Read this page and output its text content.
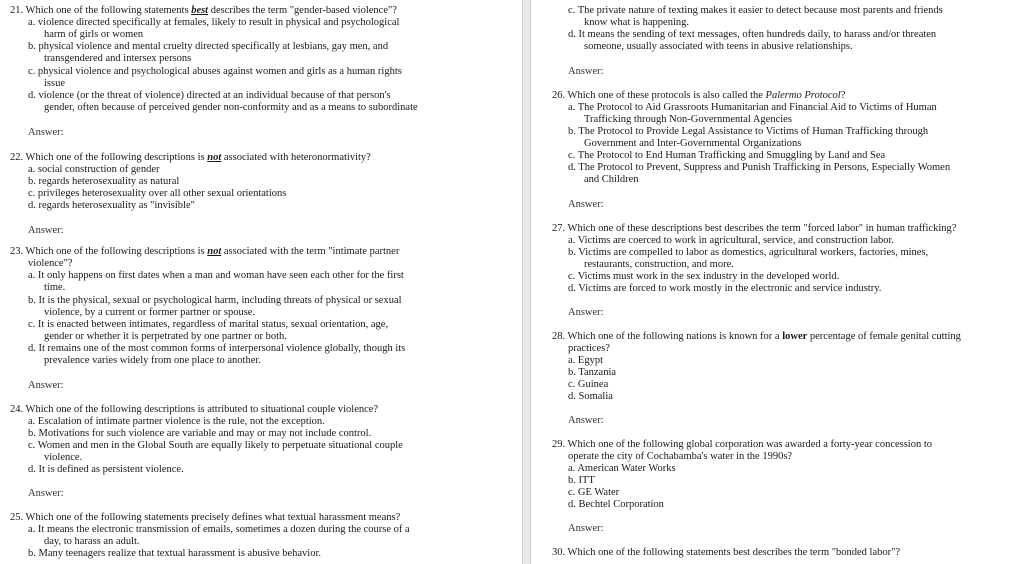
21. Which one of the following statements best describes the term "gender-based violence"?
a. violence directed specifically at females, likely to result in physical and psychological
harm of girls or women
b. physical violence and mental cruelty directed specifically at lesbians, gay men, and
transgendered and intersex persons
c. physical violence and psychological abuses against women and girls as a human rights
issue
d. violence (or the threat of violence) directed at an individual because of that person's
gender, often because of perceived gender non-conformity and as a means to subordinate
Answer:
22. Which one of the following descriptions is not associated with heteronormativity?
a. social construction of gender
b. regards heterosexuality as natural
c. privileges heterosexuality over all other sexual orientations
d. regards heterosexuality as "invisible"
Answer:
23. Which one of the following descriptions is not associated with the term "intimate partner
violence"?
a. It only happens on first dates when a man and woman have seen each other for the first
time.
b. It is the physical, sexual or psychological harm, including threats of physical or sexual
violence, by a current or former partner or spouse.
c. It is enacted between intimates, regardless of marital status, sexual orientation, age,
gender or whether it is perpetrated by one partner or both.
d. It remains one of the most common forms of interpersonal violence globally, though its
prevalence varies widely from one place to another.
Answer:
24. Which one of the following descriptions is attributed to situational couple violence?
a. Escalation of intimate partner violence is the rule, not the exception.
b. Motivations for such violence are variable and may or may not include control.
c. Women and men in the Global South are equally likely to perpetuate situational couple
violence.
d. It is defined as persistent violence.
Answer:
25. Which one of the following statements precisely defines what textual harassment means?
a. It means the electronic transmission of emails, sometimes a dozen during the course of a
day, to harass an adult.
b. Many teenagers realize that textual harassment is abusive behavior.
c. The private nature of texting makes it easier to detect because most parents and friends
know what is happening.
d. It means the sending of text messages, often hundreds daily, to harass and/or threaten
someone, usually associated with teens in abusive relationships.
Answer:
26. Which one of these protocols is also called the Palermo Protocol?
a. The Protocol to Aid Grassroots Humanitarian and Financial Aid to Victims of Human
Trafficking through Non-Governmental Agencies
b. The Protocol to Provide Legal Assistance to Victims of Human Trafficking through
Government and Inter-Governmental Organizations
c. The Protocol to End Human Trafficking and Smuggling by Land and Sea
d. The Protocol to Prevent, Suppress and Punish Trafficking in Persons, Especially Women
and Children
Answer:
27. Which one of these descriptions best describes the term "forced labor" in human trafficking?
a. Victims are coerced to work in agricultural, service, and construction labor.
b. Victims are compelled to labor as domestics, agricultural workers, factories, mines,
restaurants, construction, and more.
c. Victims must work in the sex industry in the developed world.
d. Victims are forced to work mostly in the electronic and service industry.
Answer:
28. Which one of the following nations is known for a lower percentage of female genital cutting
practices?
a. Egypt
b. Tanzania
c. Guinea
d. Somalia
Answer:
29. Which one of the following global corporation was awarded a forty-year concession to
operate the city of Cochabamba's water in the 1990s?
a. American Water Works
b. ITT
c. GE Water
d. Bechtel Corporation
Answer:
30. Which one of the following statements best describes the term "bonded labor"?
